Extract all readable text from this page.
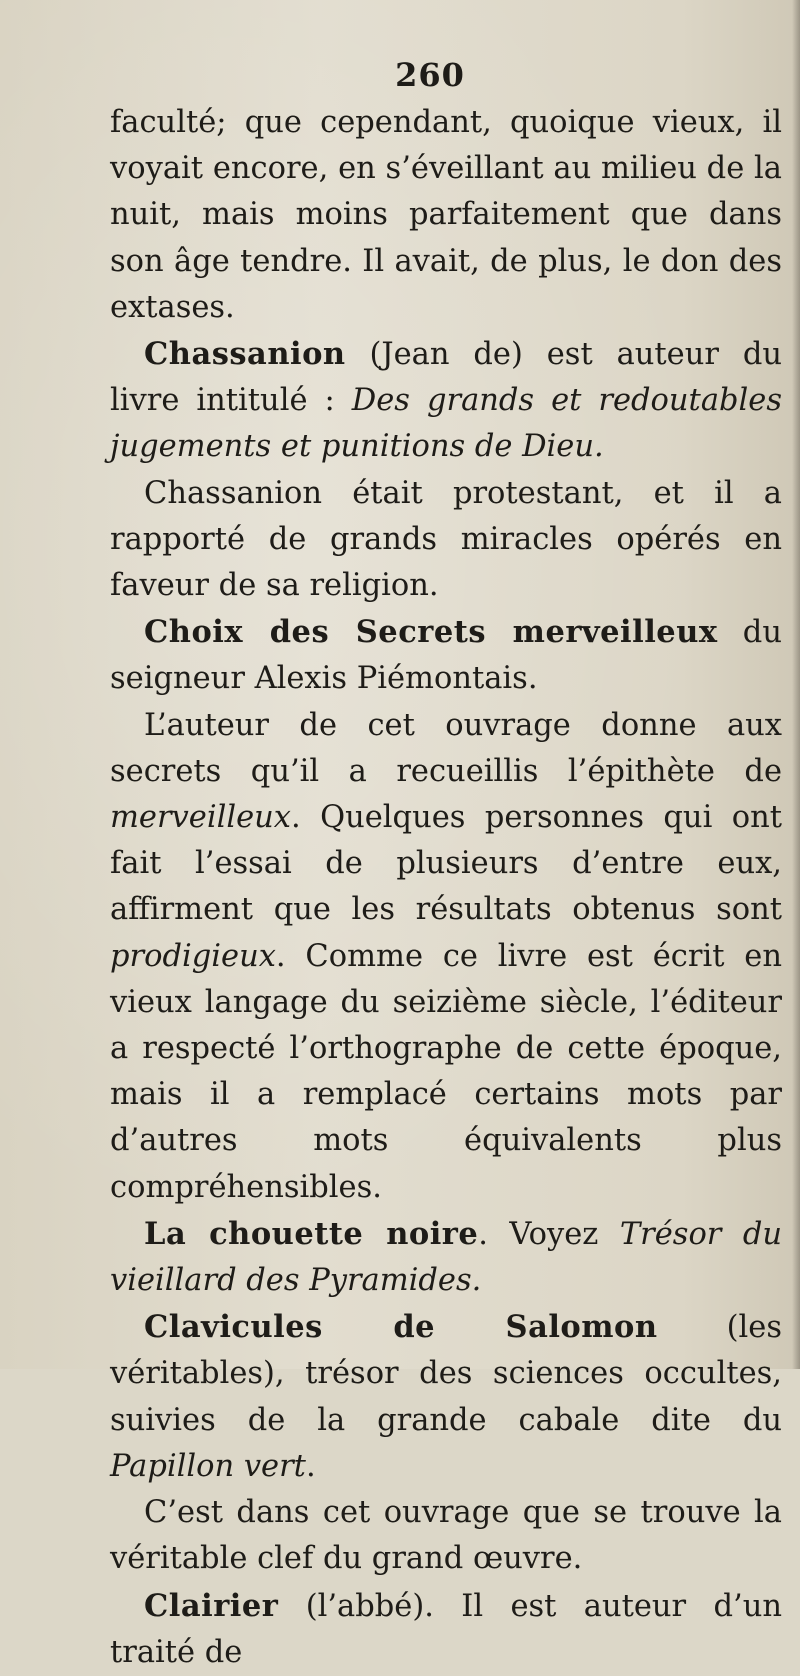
260

faculté; que cependant, quoique vieux, il voyait encore, en s’éveillant au milieu de la nuit, mais moins parfaitement que dans son âge tendre. Il avait, de plus, le don des extases.

Chassanion (Jean de) est auteur du livre intitulé : Des grands et redoutables jugements et punitions de Dieu.

Chassanion était protestant, et il a rapporté de grands miracles opérés en faveur de sa religion.

Choix des Secrets merveilleux du seigneur Alexis Piémontais.

L’auteur de cet ouvrage donne aux secrets qu’il a recueillis l’épithète de merveilleux. Quelques personnes qui ont fait l’essai de plusieurs d’entre eux, affirment que les résultats obtenus sont prodigieux. Comme ce livre est écrit en vieux langage du seizième siècle, l’éditeur a respecté l’orthographe de cette époque, mais il a remplacé certains mots par d’autres mots équivalents plus compréhensibles.

La chouette noire. Voyez Trésor du vieillard des Pyramides.

Clavicules de Salomon (les véritables), trésor des sciences occultes, suivies de la grande cabale dite du Papillon vert.

C’est dans cet ouvrage que se trouve la véritable clef du grand œuvre.

Clairier (l’abbé). Il est auteur d’un traité de
